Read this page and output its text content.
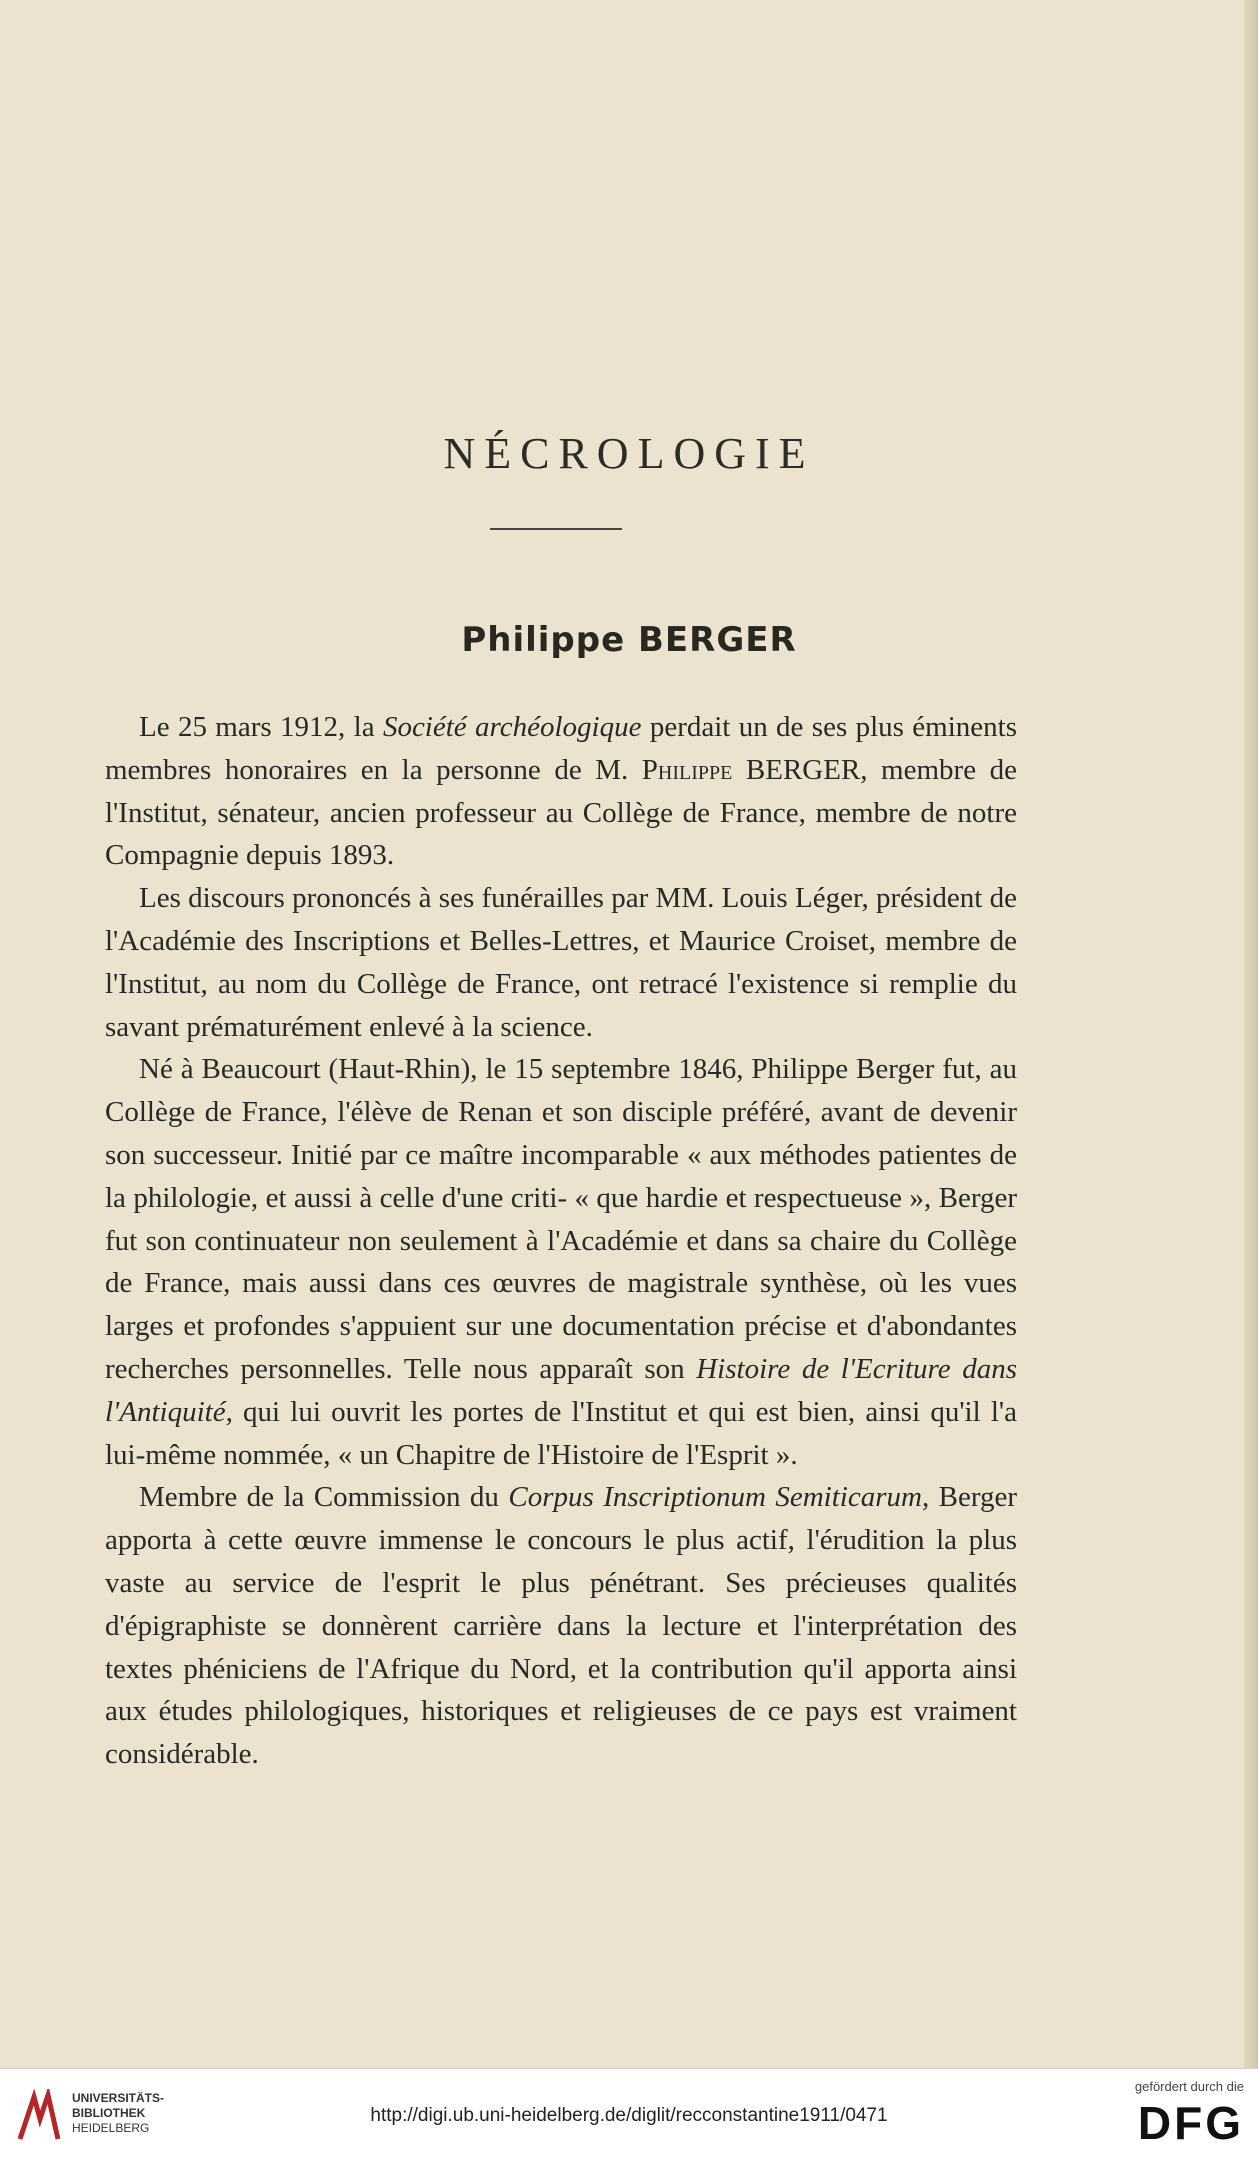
NÉCROLOGIE
Philippe BERGER

Le 25 mars 1912, la Société archéologique perdait un de ses plus éminents membres honoraires en la personne de M. Philippe BERGER, membre de l'Institut, sénateur, ancien professeur au Collège de France, membre de notre Compagnie depuis 1893.

Les discours prononcés à ses funérailles par MM. Louis Léger, président de l'Académie des Inscriptions et Belles-Lettres, et Maurice Croiset, membre de l'Institut, au nom du Collège de France, ont retracé l'existence si remplie du savant prématurément enlevé à la science.

Né à Beaucourt (Haut-Rhin), le 15 septembre 1846, Philippe Berger fut, au Collège de France, l'élève de Renan et son disciple préféré, avant de devenir son successeur. Initié par ce maître incomparable « aux méthodes patientes de la philologie, et aussi à celle d'une criti- « que hardie et respectueuse », Berger fut son continuateur non seulement à l'Académie et dans sa chaire du Collège de France, mais aussi dans ces œuvres de magistrale synthèse, où les vues larges et profondes s'appuient sur une documentation précise et d'abondantes recherches personnelles. Telle nous apparaît son Histoire de l'Ecriture dans l'Antiquité, qui lui ouvrit les portes de l'Institut et qui est bien, ainsi qu'il l'a lui-même nommée, « un Chapitre de l'Histoire de l'Esprit ».

Membre de la Commission du Corpus Inscriptionum Semiticarum, Berger apporta à cette œuvre immense le concours le plus actif, l'érudition la plus vaste au service de l'esprit le plus pénétrant. Ses précieuses qualités d'épigraphiste se donnèrent carrière dans la lecture et l'interprétation des textes phéniciens de l'Afrique du Nord, et la contribution qu'il apporta ainsi aux études philologiques, historiques et religieuses de ce pays est vraiment considérable.

UNIVERSITÄTS-
BIBLIOTHEK
HEIDELBERG
http://digi.ub.uni-heidelberg.de/diglit/recconstantine1911/0471
gefördert durch die
DFG
